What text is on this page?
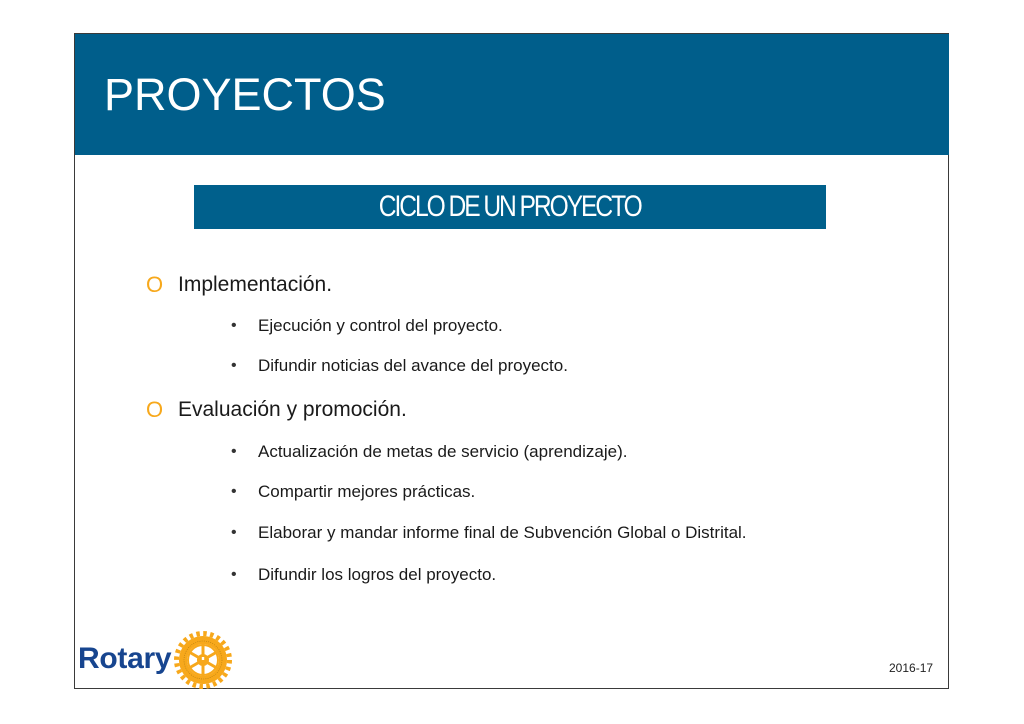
PROYECTOS
CICLO DE UN PROYECTO
O Implementación.
• Ejecución y control del proyecto.
• Difundir noticias del avance del proyecto.
O Evaluación y promoción.
• Actualización de metas de servicio (aprendizaje).
• Compartir mejores prácticas.
• Elaborar y mandar informe final de Subvención Global o Distrital.
• Difundir los logros del proyecto.
Rotary	2016-17
